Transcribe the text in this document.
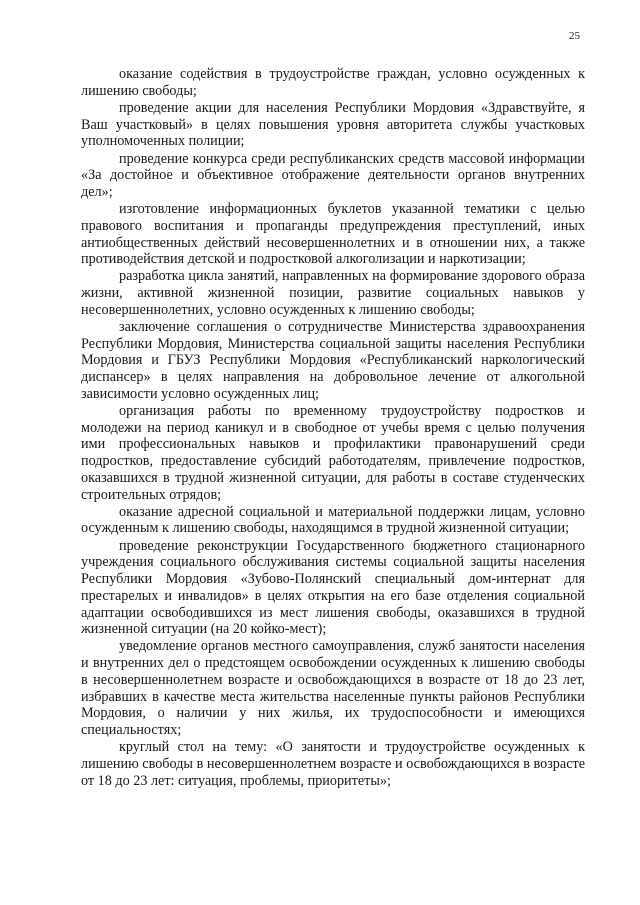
25

оказание содействия в трудоустройстве граждан, условно осужденных к лишению свободы;

проведение акции для населения Республики Мордовия «Здравствуйте, я Ваш участковый» в целях повышения уровня авторитета службы участковых уполномоченных полиции;

проведение конкурса среди республиканских средств массовой информации «За достойное и объективное отображение деятельности органов внутренних дел»;

изготовление информационных буклетов указанной тематики с целью правового воспитания и пропаганды предупреждения преступлений, иных антиобщественных действий несовершеннолетних и в отношении них, а также противодействия детской и подростковой алкоголизации и наркотизации;

разработка цикла занятий, направленных на формирование здорового образа жизни, активной жизненной позиции, развитие социальных навыков у несовершеннолетних, условно осужденных к лишению свободы;

заключение соглашения о сотрудничестве Министерства здравоохранения Республики Мордовия, Министерства социальной защиты населения Республики Мордовия и ГБУЗ Республики Мордовия «Республиканский наркологический диспансер» в целях направления на добровольное лечение от алкогольной зависимости условно осужденных лиц;

организация работы по временному трудоустройству подростков и молодежи на период каникул и в свободное от учебы время с целью получения ими профессиональных навыков и профилактики правонарушений среди подростков, предоставление субсидий работодателям, привлечение подростков, оказавшихся в трудной жизненной ситуации, для работы в составе студенческих строительных отрядов;

оказание адресной социальной и материальной поддержки лицам, условно осужденным к лишению свободы, находящимся в трудной жизненной ситуации;

проведение реконструкции Государственного бюджетного стационарного учреждения социального обслуживания системы социальной защиты населения Республики Мордовия «Зубово-Полянский специальный дом-интернат для престарелых и инвалидов» в целях открытия на его базе отделения социальной адаптации освободившихся из мест лишения свободы, оказавшихся в трудной жизненной ситуации (на 20 койко-мест);

уведомление органов местного самоуправления, служб занятости населения и внутренних дел о предстоящем освобождении осужденных к лишению свободы в несовершеннолетнем возрасте и освобождающихся в возрасте от 18 до 23 лет, избравших в качестве места жительства населенные пункты районов Республики Мордовия, о наличии у них жилья, их трудоспособности и имеющихся специальностях;

круглый стол на тему: «О занятости и трудоустройстве осужденных к лишению свободы в несовершеннолетнем возрасте и освобождающихся в возрасте от 18 до 23 лет: ситуация, проблемы, приоритеты»;
